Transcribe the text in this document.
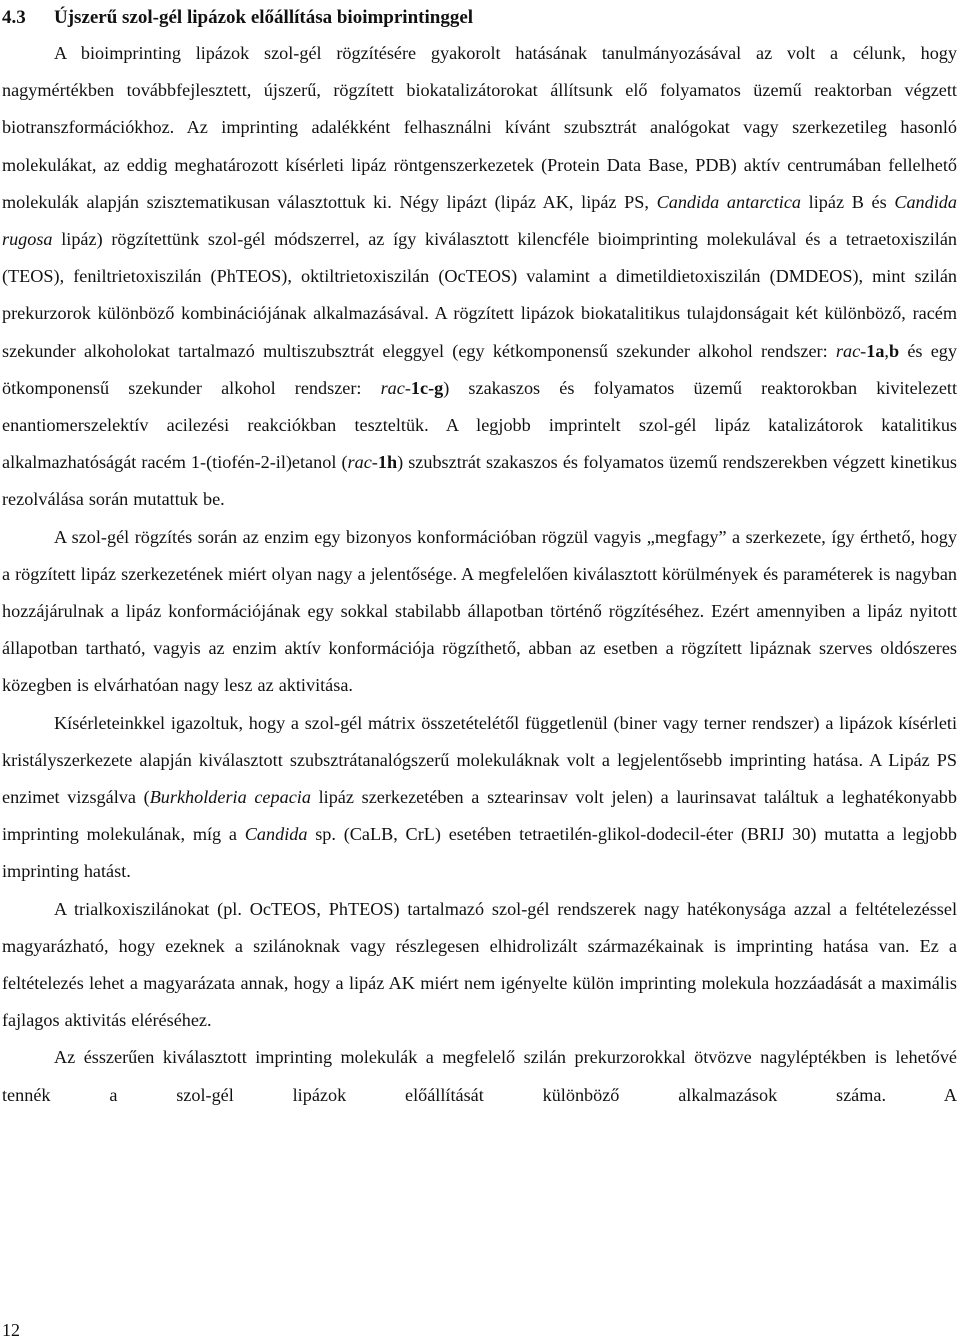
4.3 Újszerű szol-gél lipázok előállítása bioimprintinggel

A bioimprinting lipázok szol-gél rögzítésére gyakorolt hatásának tanulmányozásával az volt a célunk, hogy nagymértékben továbbfejlesztett, újszerű, rögzített biokatalizátorokat állítsunk elő folyamatos üzemű reaktorban végzett biotranszformációkhoz. Az imprinting adalékként felhasználni kívánt szubsztrát analógokat vagy szerkezetileg hasonló molekulákat, az eddig meghatározott kísérleti lipáz röntgenszerkezetek (Protein Data Base, PDB) aktív centrumában fellelhető molekulák alapján szisztematikusan választottuk ki. Négy lipázt (lipáz AK, lipáz PS, Candida antarctica lipáz B és Candida rugosa lipáz) rögzítettünk szol-gél módszerrel, az így kiválasztott kilencféle bioimprinting molekulával és a tetraetoxiszilán (TEOS), feniltrietoxiszilán (PhTEOS), oktiltrietoxiszilán (OcTEOS) valamint a dimetildietoxiszilán (DMDEOS), mint szilán prekurzorok különböző kombinációjának alkalmazásával. A rögzített lipázok biokatalitikus tulajdonságait két különböző, racém szekunder alkoholokat tartalmazó multiszubsztrát eleggyel (egy kétkomponensű szekunder alkohol rendszer: rac-1a,b és egy ötkomponensű szekunder alkohol rendszer: rac-1c-g) szakaszos és folyamatos üzemű reaktorokban kivitelezett enantiomerszelektív acilezési reakciókban teszteltük. A legjobb imprintelt szol-gél lipáz katalizátorok katalitikus alkalmazhatóságát racém 1-(tiofén-2-il)etanol (rac-1h) szubsztrát szakaszos és folyamatos üzemű rendszerekben végzett kinetikus rezolválása során mutattuk be.

A szol-gél rögzítés során az enzim egy bizonyos konformációban rögzül vagyis „megfagy” a szerkezete, így érthető, hogy a rögzített lipáz szerkezetének miért olyan nagy a jelentősége. A megfelelően kiválasztott körülmények és paraméterek is nagyban hozzájárulnak a lipáz konformációjának egy sokkal stabilabb állapotban történő rögzítéséhez. Ezért amennyiben a lipáz nyitott állapotban tartható, vagyis az enzim aktív konformációja rögzíthető, abban az esetben a rögzített lipáznak szerves oldószeres közegben is elvárhatóan nagy lesz az aktivitása.

Kísérleteinkkel igazoltuk, hogy a szol-gél mátrix összetételétől függetlenül (biner vagy terner rendszer) a lipázok kísérleti kristályszerkezete alapján kiválasztott szubsztrátanalógszerű molekuláknak volt a legjelentősebb imprinting hatása. A Lipáz PS enzimet vizsgálva (Burkholderia cepacia lipáz szerkezetében a sztearinsav volt jelen) a laurinsavat találtuk a leghatékonyabb imprinting molekulának, míg a Candida sp. (CaLB, CrL) esetében tetraetilén-glikol-dodecil-éter (BRIJ 30) mutatta a legjobb imprinting hatást.

A trialkoxiszilánokat (pl. OcTEOS, PhTEOS) tartalmazó szol-gél rendszerek nagy hatékonysága azzal a feltételezéssel magyarázható, hogy ezeknek a szilánoknak vagy részlegesen elhidrolizált származékainak is imprinting hatása van. Ez a feltételezés lehet a magyarázata annak, hogy a lipáz AK miért nem igényelte külön imprinting molekula hozzáadását a maximális fajlagos aktivitás eléréséhez.

Az ésszerűen kiválasztott imprinting molekulák a megfelelő szilán prekurzorokkal ötvözve nagyléptékben is lehetővé tennék a szol-gél lipázok előállítását különböző alkalmazások száma. A

12
